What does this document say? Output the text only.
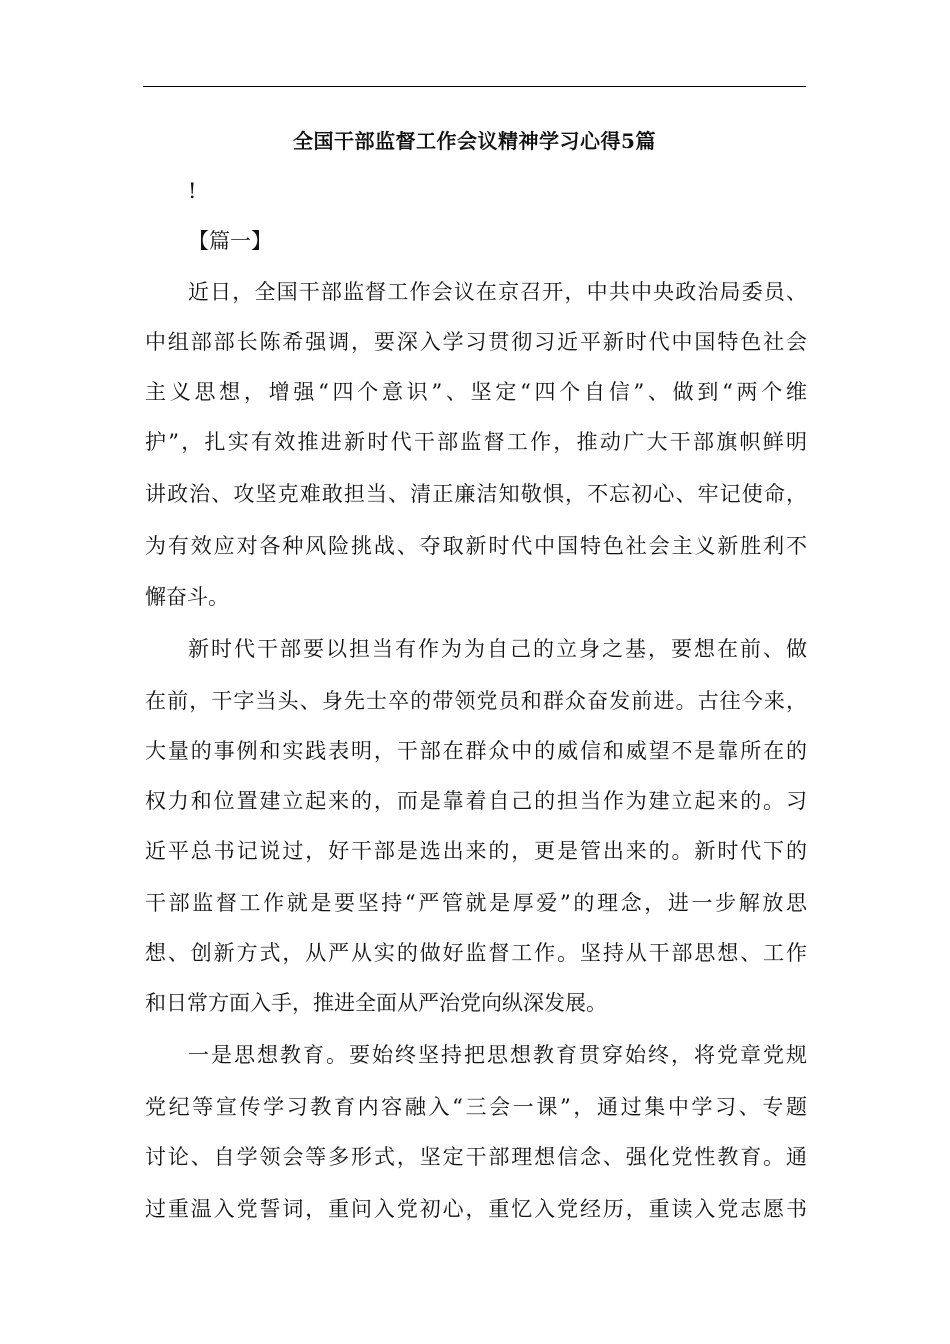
全国干部监督工作会议精神学习心得5篇
!
【篇一】
近日，全国干部监督工作会议在京召开，中共中央政治局委员、
中组部部长陈希强调，要深入学习贯彻习近平新时代中国特色社会
主义思想，增强“四个意识”、坚定“四个自信”、做到“两个维
护”，扎实有效推进新时代干部监督工作，推动广大干部旗帜鲜明
讲政治、攻坚克难敢担当、清正廉洁知敬惧，不忘初心、牢记使命，
为有效应对各种风险挑战、夺取新时代中国特色社会主义新胜利不
懈奋斗。
新时代干部要以担当有作为为自己的立身之基，要想在前、做
在前，干字当头、身先士卒的带领党员和群众奋发前进。古往今来，
大量的事例和实践表明，干部在群众中的威信和威望不是靠所在的
权力和位置建立起来的，而是靠着自己的担当作为建立起来的。习
近平总书记说过，好干部是选出来的，更是管出来的。新时代下的
干部监督工作就是要坚持“严管就是厚爱”的理念，进一步解放思
想、创新方式，从严从实的做好监督工作。坚持从干部思想、工作
和日常方面入手，推进全面从严治党向纵深发展。
一是思想教育。要始终坚持把思想教育贯穿始终，将党章党规
党纪等宣传学习教育内容融入“三会一课”，通过集中学习、专题
讨论、自学领会等多形式，坚定干部理想信念、强化党性教育。通
过重温入党誓词，重问入党初心，重忆入党经历，重读入党志愿书
